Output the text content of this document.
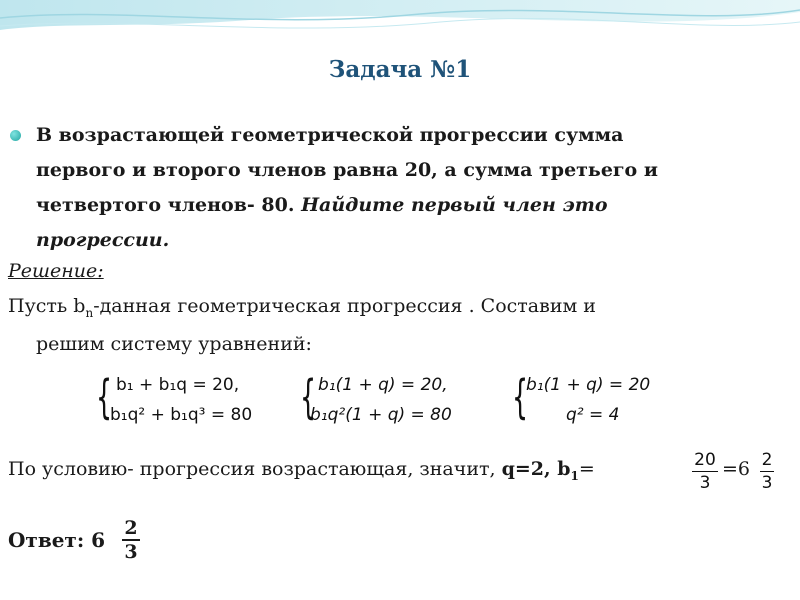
Задача №1
В возрастающей геометрической прогрессии сумма
первого и второго членов равна 20, а сумма третьего и
четвертого членов- 80. Найдите первый член это
прогрессии.
Решение:
Пусть $b_n$-данная геометрическая прогрессия . Составим и
решим систему уравнений:
{ b₁ + b₁q = 20,
b₁q² + b₁q³ = 80 { b₁(1 + q) = 20,
b₁q²(1 + q) = 80 {
b₁(1 + q) = 20
q² = 4
По условию- прогрессия возрастающая, значит, q=2, $b_1=$	20
3
=6 2
3
Ответ: 6 2
3
